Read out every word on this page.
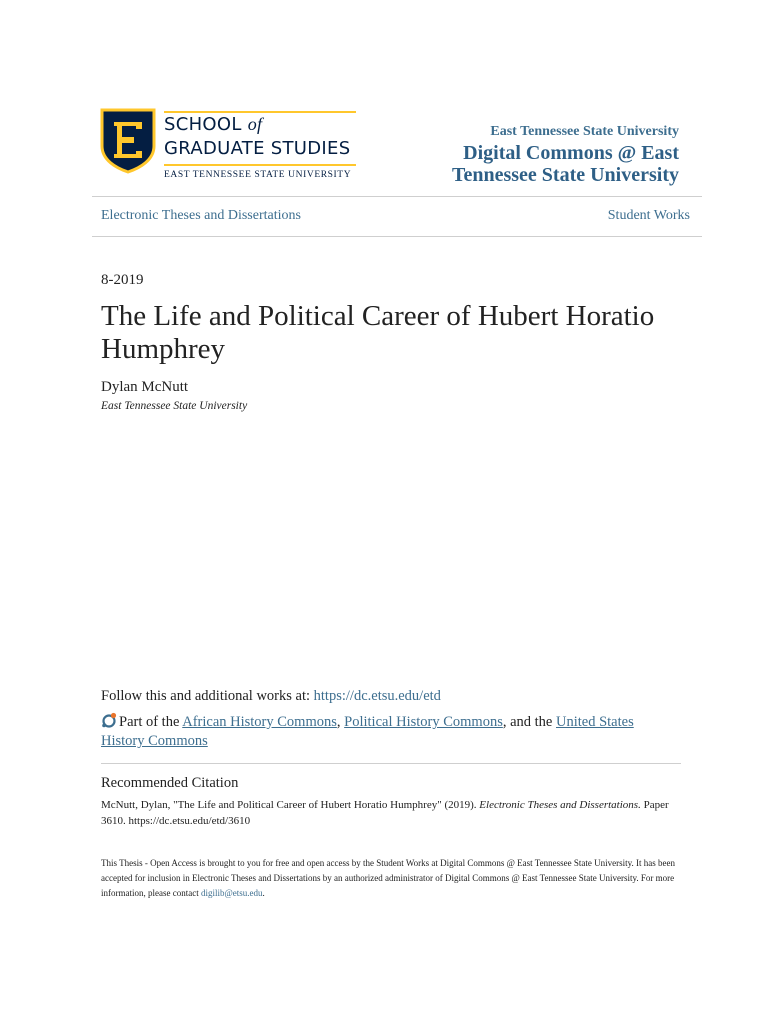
SCHOOL of
GRADUATE STUDIES
EAST TENNESSEE STATE UNIVERSITY
East Tennessee State University
Digital Commons @ East Tennessee State University
Electronic Theses and Dissertations	Student Works
8-2019
The Life and Political Career of Hubert Horatio Humphrey
Dylan McNutt
East Tennessee State University
Follow this and additional works at: https://dc.etsu.edu/etd
Part of the African History Commons, Political History Commons, and the United States History Commons
Recommended Citation
McNutt, Dylan, "The Life and Political Career of Hubert Horatio Humphrey" (2019). Electronic Theses and Dissertations. Paper 3610. https://dc.etsu.edu/etd/3610
This Thesis - Open Access is brought to you for free and open access by the Student Works at Digital Commons @ East Tennessee State University. It has been accepted for inclusion in Electronic Theses and Dissertations by an authorized administrator of Digital Commons @ East Tennessee State University. For more information, please contact digilib@etsu.edu.
